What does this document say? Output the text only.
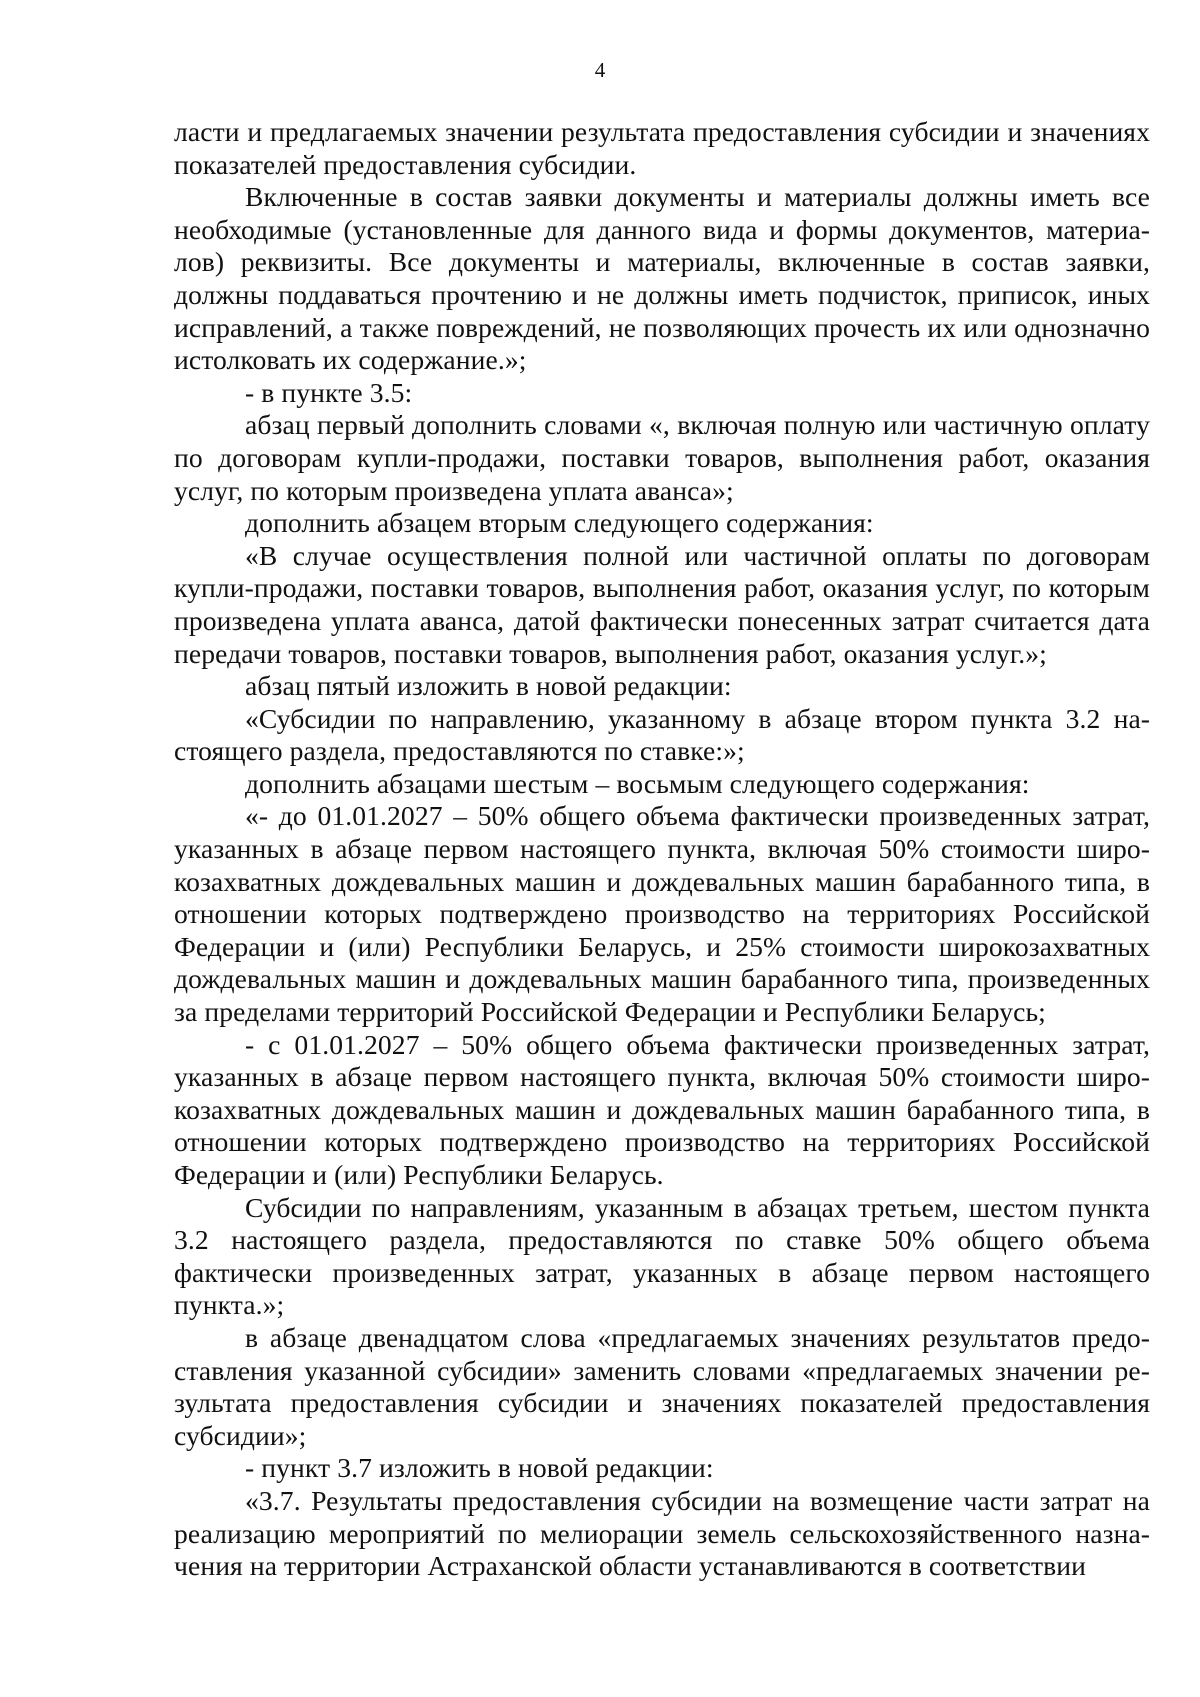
4

ласти и предлагаемых значении результата предоставления субсидии и значениях показателей предоставления субсидии.

Включенные в состав заявки документы и материалы должны иметь все необходимые (установленные для данного вида и формы документов, материалов) реквизиты. Все документы и материалы, включенные в состав заявки, должны поддаваться прочтению и не должны иметь подчисток, приписок, иных исправлений, а также повреждений, не позволяющих прочесть их или однозначно истолковать их содержание.»;

- в пункте 3.5:

абзац первый дополнить словами «, включая полную или частичную оплату по договорам купли-продажи, поставки товаров, выполнения работ, оказания услуг, по которым произведена уплата аванса»;

дополнить абзацем вторым следующего содержания:

«В случае осуществления полной или частичной оплаты по договорам купли-продажи, поставки товаров, выполнения работ, оказания услуг, по которым произведена уплата аванса, датой фактически понесенных затрат считается дата передачи товаров, поставки товаров, выполнения работ, оказания услуг.»;

абзац пятый изложить в новой редакции:

«Субсидии по направлению, указанному в абзаце втором пункта 3.2 настоящего раздела, предоставляются по ставке:»;

дополнить абзацами шестым – восьмым следующего содержания:

«- до 01.01.2027 – 50% общего объема фактически произведенных затрат, указанных в абзаце первом настоящего пункта, включая 50% стоимости широкозахватных дождевальных машин и дождевальных машин барабанного типа, в отношении которых подтверждено производство на территориях Российской Федерации и (или) Республики Беларусь, и 25% стоимости широкозахватных дождевальных машин и дождевальных машин барабанного типа, произведенных за пределами территорий Российской Федерации и Республики Беларусь;

- с 01.01.2027 – 50% общего объема фактически произведенных затрат, указанных в абзаце первом настоящего пункта, включая 50% стоимости широкозахватных дождевальных машин и дождевальных машин барабанного типа, в отношении которых подтверждено производство на территориях Российской Федерации и (или) Республики Беларусь.

Субсидии по направлениям, указанным в абзацах третьем, шестом пункта 3.2 настоящего раздела, предоставляются по ставке 50% общего объема фактически произведенных затрат, указанных в абзаце первом настоящего пункта.»;

в абзаце двенадцатом слова «предлагаемых значениях результатов предоставления указанной субсидии» заменить словами «предлагаемых значении результата предоставления субсидии и значениях показателей предоставления субсидии»;

- пункт 3.7 изложить в новой редакции:

«3.7. Результаты предоставления субсидии на возмещение части затрат на реализацию мероприятий по мелиорации земель сельскохозяйственного назначения на территории Астраханской области устанавливаются в соответствии
